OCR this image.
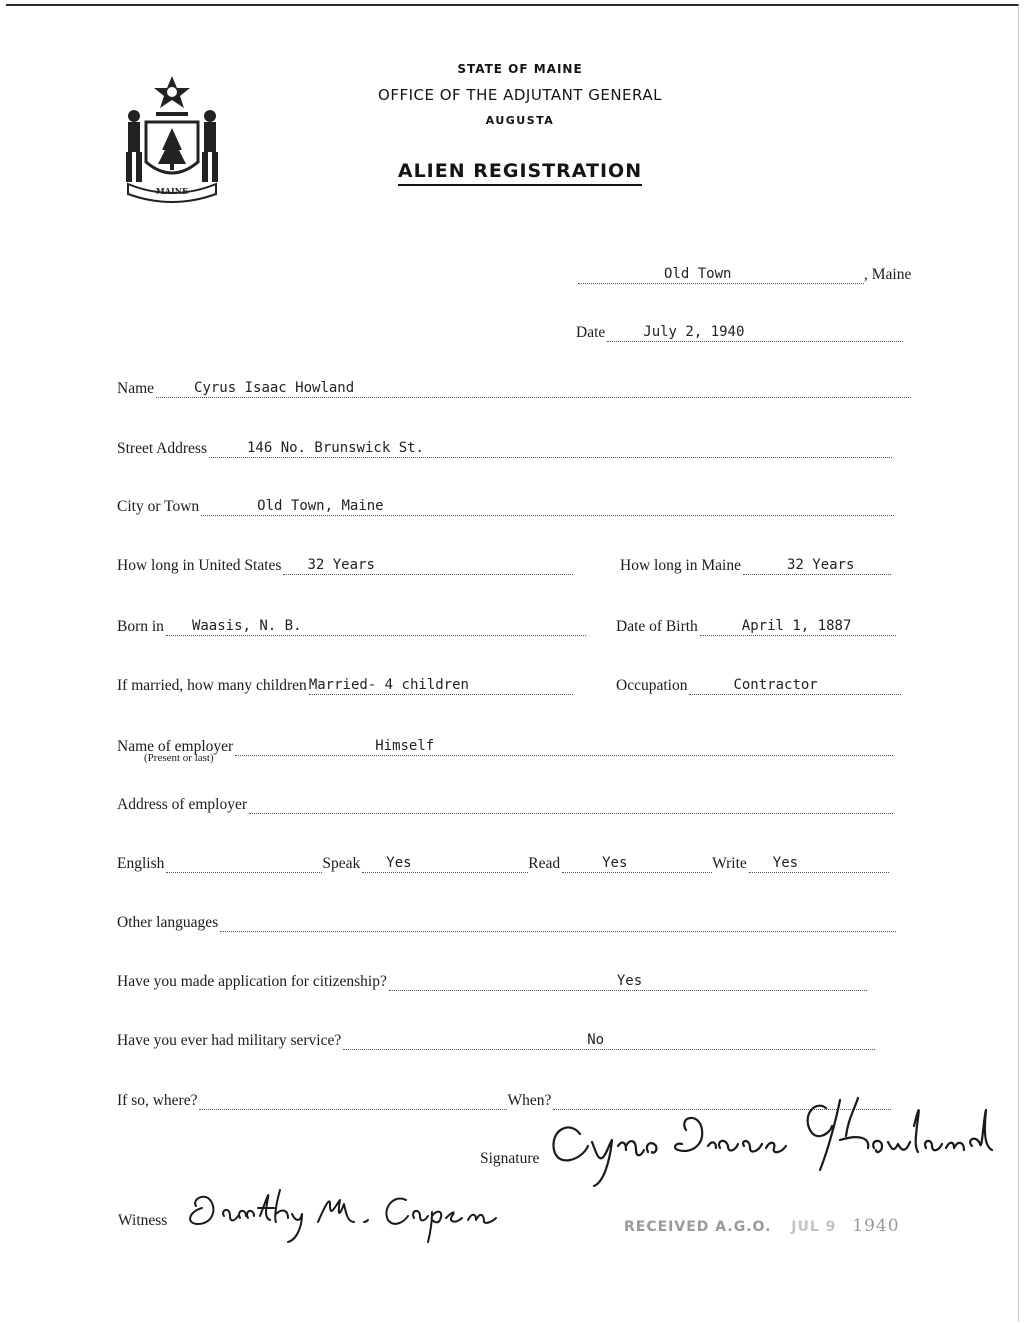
MAINE
STATE OF MAINE
OFFICE OF THE ADJUTANT GENERAL
AUGUSTA
ALIEN REGISTRATION
Old Town	, Maine
Date	July 2, 1940
Name	Cyrus Isaac Howland
Street Address	146 No. Brunswick St.
City or Town	Old Town, Maine
How long in United States 32 Years	How long in Maine	32 Years
Born in Waasis, N. B.	Date of Birth	April 1, 1887
If married, how many children Married- 4 children	Occupation	Contractor
Name of employer	Himself
(Present or last)
Address of employer
English	Speak Yes	Read	Yes	Write Yes
Other languages
Have you made application for citizenship?	Yes
Have you ever had military service?	No
If so, where?	When?
Signature
Witness	RECEIVED A.G.O. JUL 9 1940
